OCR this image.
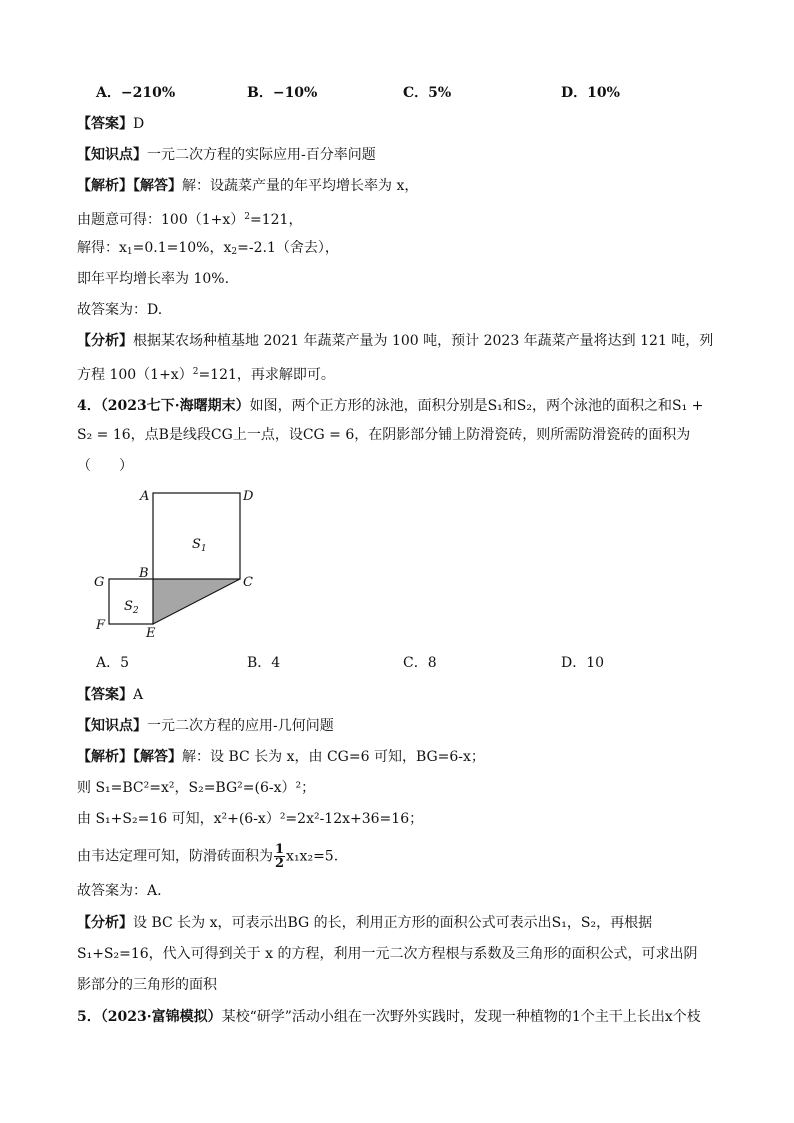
A．−210%	B．−10%	C．5%	D．10%
【答案】D
【知识点】一元二次方程的实际应用-百分率问题
【解析】【解答】解：设蔬菜产量的年平均增长率为 x，
由题意可得：$100(1+x)^2=121$，
解得：$x_1=0.1=10\%$，$x_2=-2.1$（舍去），
即年平均增长率为 10%.
故答案为：D.
【分析】根据某农场种植基地 2021 年蔬菜产量为 100 吨，预计 2023 年蔬菜产量将达到 121 吨，列
方程 $100(1+x)^2=121$，再求解即可。
4．（2023七下·海曙期末）如图，两个正方形的泳池，面积分别是S₁和S₂，两个泳池的面积之和S₁ +
S₂ = 16，点B是线段CG上一点，设CG = 6，在阴影部分铺上防滑瓷砖，则所需防滑瓷砖的面积为
（　　）
A	D
$S_1$
G
B
C
$S_2$
F
E
A．5	B．4	C．8	D．10
【答案】A
【知识点】一元二次方程的应用-几何问题
【解析】【解答】解：设 BC 长为 x，由 CG=6 可知，BG=6-x；
则 S₁=BC²=x²，S₂=BG²=(6-x）²；
由 S₁+S₂=16 可知，x²+(6-x）²=2x²-12x+36=16；
由韦达定理可知，防滑砖面积为 $\frac{1}{2} x_1x_2=5$.
故答案为：A.
【分析】设 BC 长为 x，可表示出BG 的长，利用正方形的面积公式可表示出S₁，S₂，再根据
S₁+S₂=16，代入可得到关于 x 的方程，利用一元二次方程根与系数及三角形的面积公式，可求出阴
影部分的三角形的面积
5．（2023·富锦模拟）某校“研学”活动小组在一次野外实践时，发现一种植物的1个主干上长出x个枝
